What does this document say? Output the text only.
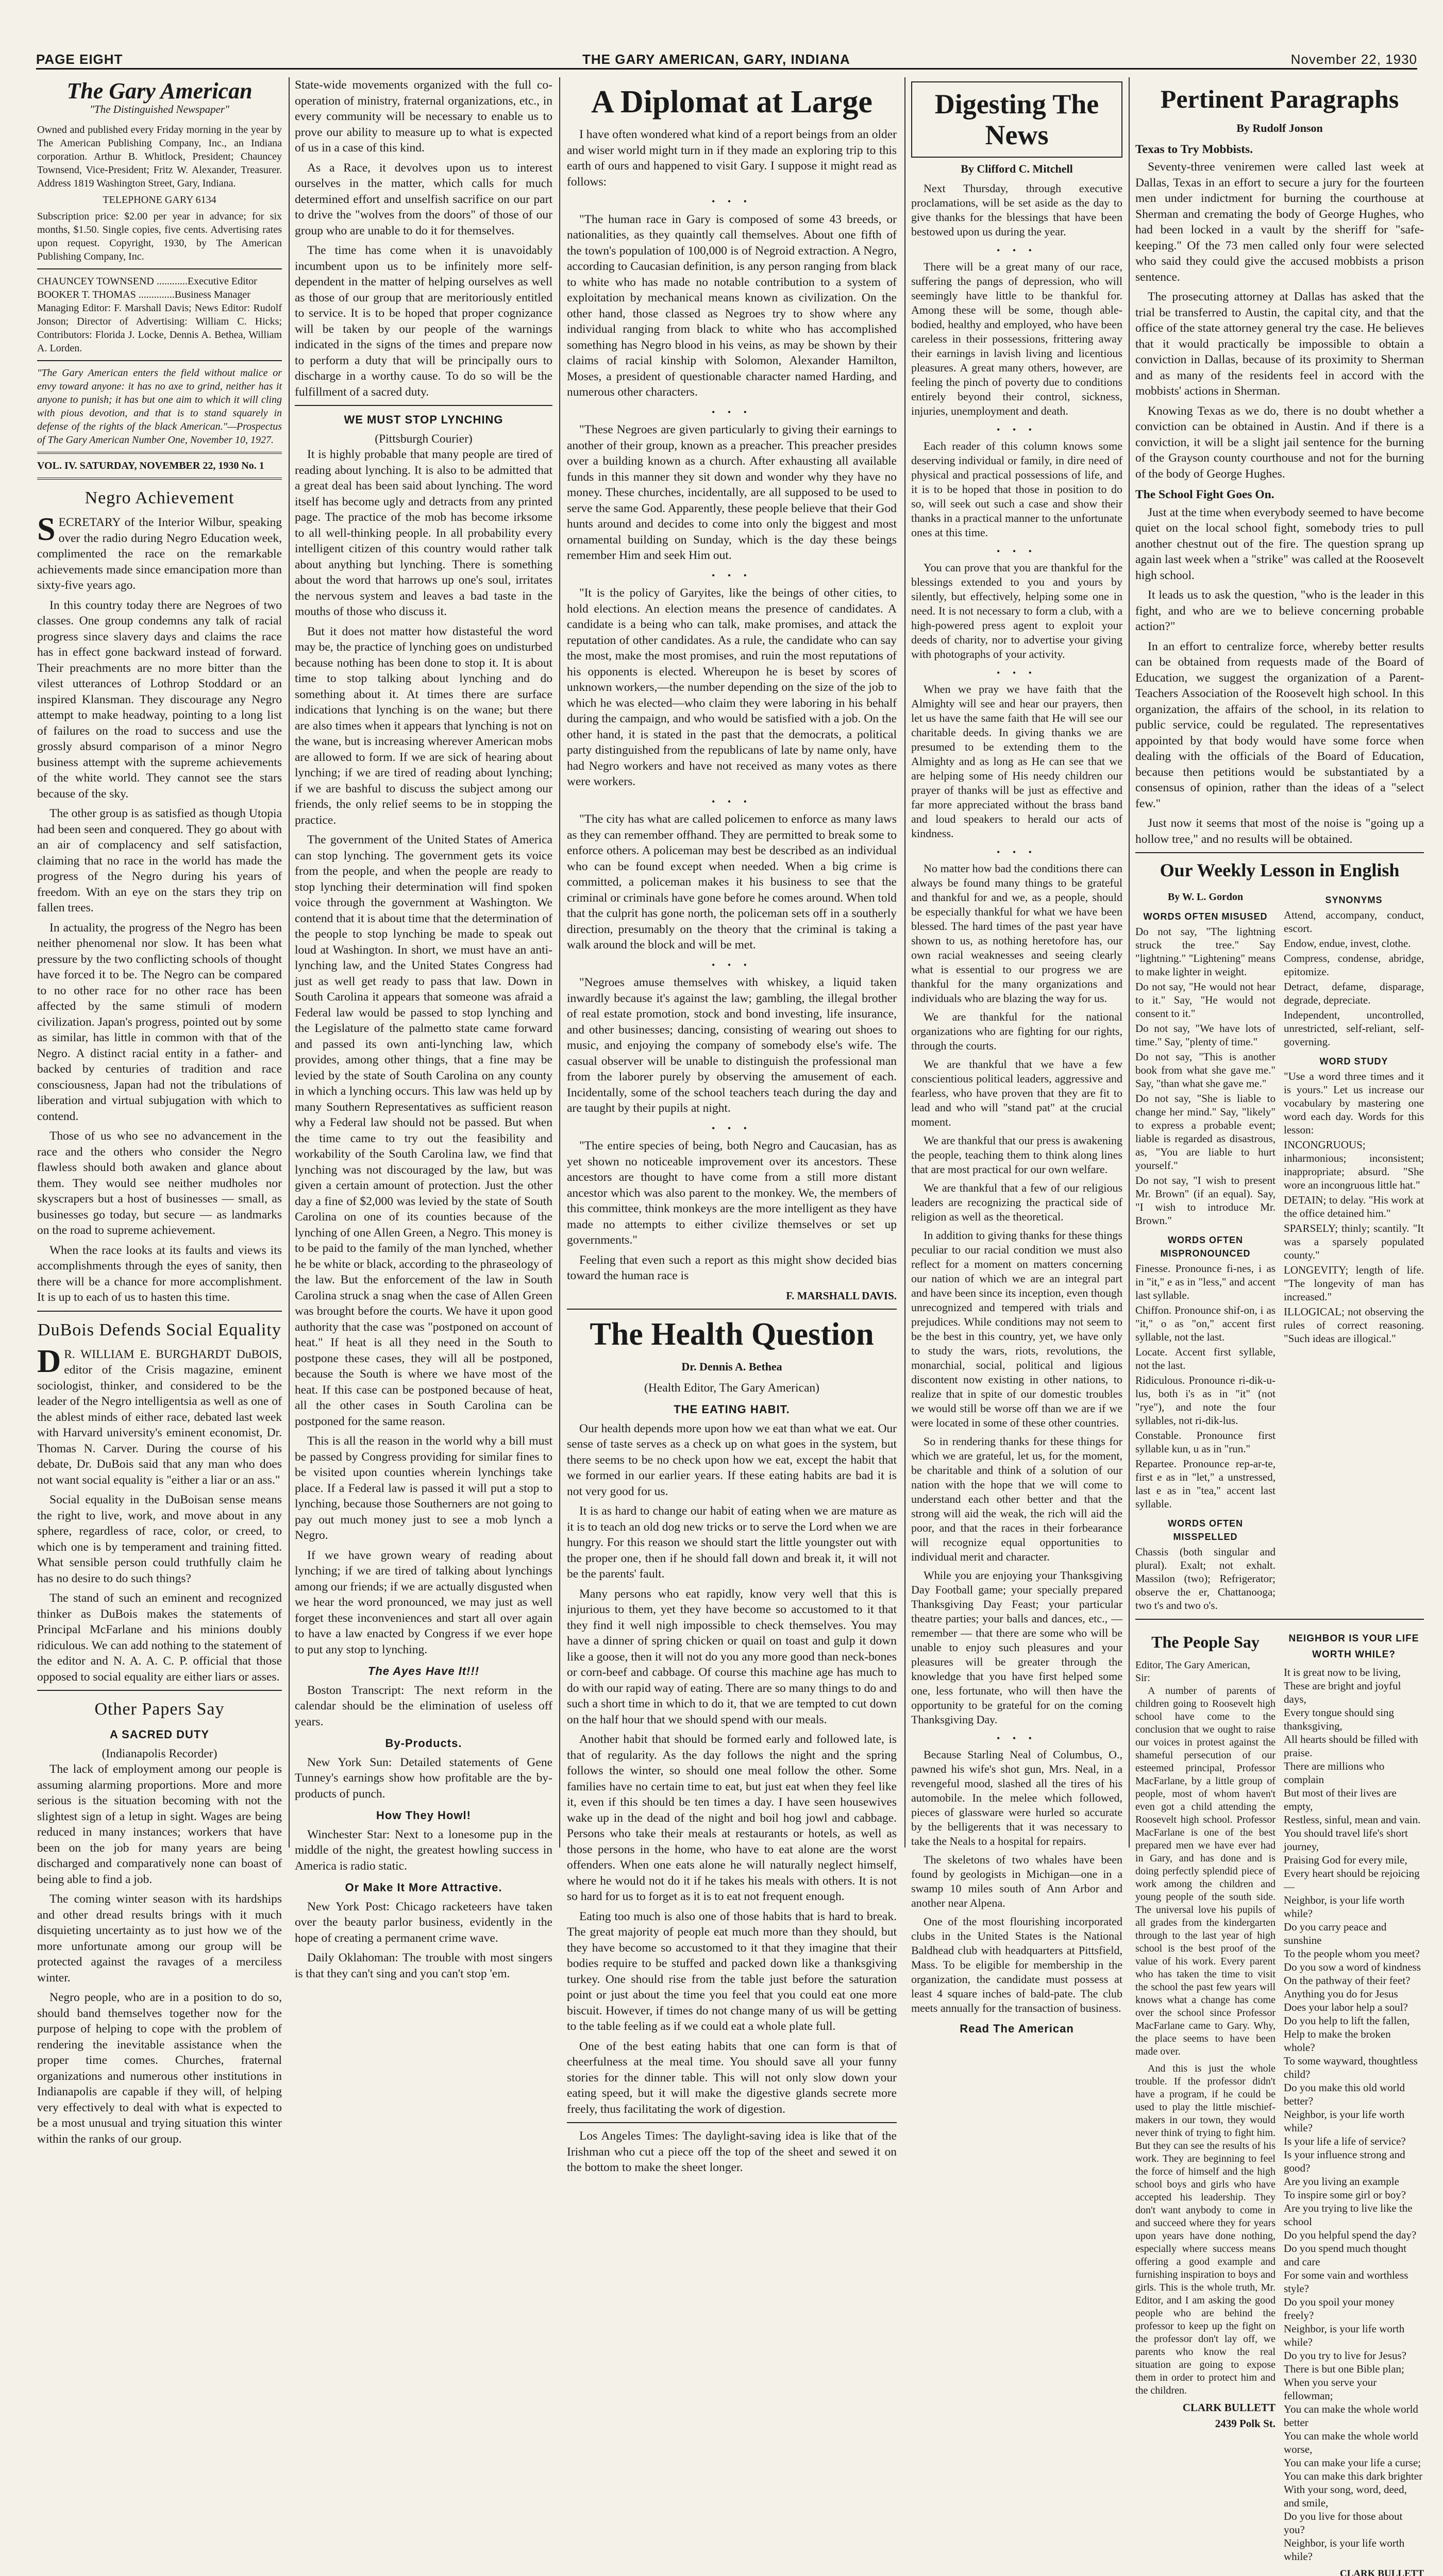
PAGE EIGHT	THE GARY AMERICAN, GARY, INDIANA	November 22, 1930
The Gary American
"The Distinguished Newspaper"
Owned and published every Friday morning in the year by The American Publishing Company, Inc., an Indiana corporation. Arthur B. Whitlock, President; Chauncey Townsend, Vice-President; Fritz W. Alexander, Treasurer. Address 1819 Washington Street, Gary, Indiana.
TELEPHONE GARY 6134
Subscription price: $2.00 per year in advance; for six months, $1.50. Single copies, five cents. Advertising rates upon request. Copyright, 1930, by The American Publishing Company, Inc.
CHAUNCEY TOWNSEND ............Executive Editor
BOOKER T. THOMAS ..............Business Manager
Managing Editor: F. Marshall Davis; News Editor: Rudolf Jonson; Director of Advertising: William C. Hicks; Contributors: Florida J. Locke, Dennis A. Bethea, William A. Lorden.
"The Gary American enters the field without malice or envy toward anyone: it has no axe to grind, neither has it anyone to punish; it has but one aim to which it will cling with pious devotion, and that is to stand squarely in defense of the rights of the black American."—Prospectus of The Gary American Number One, November 10, 1927.
VOL. IV. SATURDAY, NOVEMBER 22, 1930 No. 1
Negro Achievement

SECRETARY of the Interior Wilbur, speaking over the radio during Negro Education week, complimented the race on the remarkable achievements made since emancipation more than sixty-five years ago.

In this country today there are Negroes of two classes. One group condemns any talk of racial progress since slavery days and claims the race has in effect gone backward instead of forward. Their preachments are no more bitter than the vilest utterances of Lothrop Stoddard or an inspired Klansman. They discourage any Negro attempt to make headway, pointing to a long list of failures on the road to success and use the grossly absurd comparison of a minor Negro business attempt with the supreme achievements of the white world. They cannot see the stars because of the sky.

The other group is as satisfied as though Utopia had been seen and conquered. They go about with an air of complacency and self satisfaction, claiming that no race in the world has made the progress of the Negro during his years of freedom. With an eye on the stars they trip on fallen trees.

In actuality, the progress of the Negro has been neither phenomenal nor slow. It has been what pressure by the two conflicting schools of thought have forced it to be. The Negro can be compared to no other race for no other race has been affected by the same stimuli of modern civilization. Japan's progress, pointed out by some as similar, has little in common with that of the Negro. A distinct racial entity in a father- and backed by centuries of tradition and race consciousness, Japan had not the tribulations of liberation and virtual subjugation with which to contend.

Those of us who see no advancement in the race and the others who consider the Negro flawless should both awaken and glance about them. They would see neither mudholes nor skyscrapers but a host of businesses — small, as businesses go today, but secure — as landmarks on the road to supreme achievement.

When the race looks at its faults and views its accomplishments through the eyes of sanity, then there will be a chance for more accomplishment. It is up to each of us to hasten this time.

DuBois Defends Social Equality

DR. WILLIAM E. BURGHARDT DuBOIS, editor of the Crisis magazine, eminent sociologist, thinker, and considered to be the leader of the Negro intelligentsia as well as one of the ablest minds of either race, debated last week with Harvard university's eminent economist, Dr. Thomas N. Carver. During the course of his debate, Dr. DuBois said that any man who does not want social equality is "either a liar or an ass."

Social equality in the DuBoisan sense means the right to live, work, and move about in any sphere, regardless of race, color, or creed, to which one is by temperament and training fitted. What sensible person could truthfully claim he has no desire to do such things?

The stand of such an eminent and recognized thinker as DuBois makes the statements of Principal McFarlane and his minions doubly ridiculous. We can add nothing to the statement of the editor and N. A. A. C. P. official that those opposed to social equality are either liars or asses.

Other Papers Say
A SACRED DUTY
(Indianapolis Recorder)

The lack of employment among our people is assuming alarming proportions. More and more serious is the situation becoming with not the slightest sign of a letup in sight. Wages are being reduced in many instances; workers that have been on the job for many years are being discharged and comparatively none can boast of being able to find a job.

The coming winter season with its hardships and other dread results brings with it much disquieting uncertainty as to just how we of the more unfortunate among our group will be protected against the ravages of a merciless winter.

Negro people, who are in a position to do so, should band themselves together now for the purpose of helping to cope with the problem of rendering the inevitable assistance when the proper time comes. Churches, fraternal organizations and numerous other institutions in Indianapolis are capable if they will, of helping very effectively to deal with what is expected to be a most unusual and trying situation this winter within the ranks of our group.

State-wide movements organized with the full co-operation of ministry, fraternal organizations, etc., in every community will be necessary to enable us to prove our ability to measure up to what is expected of us in a case of this kind.

As a Race, it devolves upon us to interest ourselves in the matter, which calls for much determined effort and unselfish sacrifice on our part to drive the "wolves from the doors" of those of our group who are unable to do it for themselves.

The time has come when it is unavoidably incumbent upon us to be infinitely more self-dependent in the matter of helping ourselves as well as those of our group that are meritoriously entitled to service. It is to be hoped that proper cognizance will be taken by our people of the warnings indicated in the signs of the times and prepare now to perform a duty that will be principally ours to discharge in a worthy cause. To do so will be the fulfillment of a sacred duty.

WE MUST STOP LYNCHING
(Pittsburgh Courier)

It is highly probable that many people are tired of reading about lynching. It is also to be admitted that a great deal has been said about lynching. The word itself has become ugly and detracts from any printed page. The practice of the mob has become irksome to all well-thinking people. In all probability every intelligent citizen of this country would rather talk about anything but lynching. There is something about the word that harrows up one's soul, irritates the nervous system and leaves a bad taste in the mouths of those who discuss it.

But it does not matter how distasteful the word may be, the practice of lynching goes on undisturbed because nothing has been done to stop it. It is about time to stop talking about lynching and do something about it. At times there are surface indications that lynching is on the wane; but there are also times when it appears that lynching is not on the wane, but is increasing wherever American mobs are allowed to form. If we are sick of hearing about lynching; if we are tired of reading about lynching; if we are bashful to discuss the subject among our friends, the only relief seems to be in stopping the practice.

The government of the United States of America can stop lynching. The government gets its voice from the people, and when the people are ready to stop lynching their determination will find spoken voice through the government at Washington. We contend that it is about time that the determination of the people to stop lynching be made to speak out loud at Washington. In short, we must have an anti-lynching law, and the United States Congress had just as well get ready to pass that law. Down in South Carolina it appears that someone was afraid a Federal law would be passed to stop lynching and the Legislature of the palmetto state came forward and passed its own anti-lynching law, which provides, among other things, that a fine may be levied by the state of South Carolina on any county in which a lynching occurs. This law was held up by many Southern Representatives as sufficient reason why a Federal law should not be passed. But when the time came to try out the feasibility and workability of the South Carolina law, we find that lynching was not discouraged by the law, but was given a certain amount of protection. Just the other day a fine of $2,000 was levied by the state of South Carolina on one of its counties because of the lynching of one Allen Green, a Negro. This money is to be paid to the family of the man lynched, whether he be white or black, according to the phraseology of the law. But the enforcement of the law in South Carolina struck a snag when the case of Allen Green was brought before the courts. We have it upon good authority that the case was "postponed on account of heat." If heat is all they need in the South to postpone these cases, they will all be postponed, because the South is where we have most of the heat. If this case can be postponed because of heat, all the other cases in South Carolina can be postponed for the same reason.

This is all the reason in the world why a bill must be passed by Congress providing for similar fines to be visited upon counties wherein lynchings take place. If a Federal law is passed it will put a stop to lynching, because those Southerners are not going to pay out much money just to see a mob lynch a Negro.

If we have grown weary of reading about lynching; if we are tired of talking about lynchings among our friends; if we are actually disgusted when we hear the word pronounced, we may just as well forget these inconveniences and start all over again to have a law enacted by Congress if we ever hope to put any stop to lynching.

The Ayes Have It!!!

Boston Transcript: The next reform in the calendar should be the elimination of useless off years.

By-Products.

New York Sun: Detailed statements of Gene Tunney's earnings show how profitable are the by-products of punch.

How They Howl!

Winchester Star: Next to a lonesome pup in the middle of the night, the greatest howling success in America is radio static.

Or Make It More Attractive.

New York Post: Chicago racketeers have taken over the beauty parlor business, evidently in the hope of creating a permanent crime wave.

Daily Oklahoman: The trouble with most singers is that they can't sing and you can't stop 'em.

A Diplomat at Large

I have often wondered what kind of a report beings from an older and wiser world might turn in if they made an exploring trip to this earth of ours and happened to visit Gary. I suppose it might read as follows:

• • •

"The human race in Gary is composed of some 43 breeds, or nationalities, as they quaintly call themselves. About one fifth of the town's population of 100,000 is of Negroid extraction. A Negro, according to Caucasian definition, is any person ranging from black to white who has made no notable contribution to a system of exploitation by mechanical means known as civilization. On the other hand, those classed as Negroes try to show where any individual ranging from black to white who has accomplished something has Negro blood in his veins, as may be shown by their claims of racial kinship with Solomon, Alexander Hamilton, Moses, a president of questionable character named Harding, and numerous other characters.

• • •

"These Negroes are given particularly to giving their earnings to another of their group, known as a preacher. This preacher presides over a building known as a church. After exhausting all available funds in this manner they sit down and wonder why they have no money. These churches, incidentally, are all supposed to be used to serve the same God. Apparently, these people believe that their God hunts around and decides to come into only the biggest and most ornamental building on Sunday, which is the day these beings remember Him and seek Him out.

• • •

"It is the policy of Garyites, like the beings of other cities, to hold elections. An election means the presence of candidates. A candidate is a being who can talk, make promises, and attack the reputation of other candidates. As a rule, the candidate who can say the most, make the most promises, and ruin the most reputations of his opponents is elected. Whereupon he is beset by scores of unknown workers,—the number depending on the size of the job to which he was elected—who claim they were laboring in his behalf during the campaign, and who would be satisfied with a job. On the other hand, it is stated in the past that the democrats, a political party distinguished from the republicans of late by name only, have had Negro workers and have not received as many votes as there were workers.

• • •

"The city has what are called policemen to enforce as many laws as they can remember offhand. They are permitted to break some to enforce others. A policeman may best be described as an individual who can be found except when needed. When a big crime is committed, a policeman makes it his business to see that the criminal or criminals have gone before he comes around. When told that the culprit has gone north, the policeman sets off in a southerly direction, presumably on the theory that the criminal is taking a walk around the block and will be met.

• • •

"Negroes amuse themselves with whiskey, a liquid taken inwardly because it's against the law; gambling, the illegal brother of real estate promotion, stock and bond investing, life insurance, and other businesses; dancing, consisting of wearing out shoes to music, and enjoying the company of somebody else's wife. The casual observer will be unable to distinguish the professional man from the laborer purely by observing the amusement of each. Incidentally, some of the school teachers teach during the day and are taught by their pupils at night.

• • •

"The entire species of being, both Negro and Caucasian, has as yet shown no noticeable improvement over its ancestors. These ancestors are thought to have come from a still more distant ancestor which was also parent to the monkey. We, the members of this committee, think monkeys are the more intelligent as they have made no attempts to either civilize themselves or set up governments."

Feeling that even such a report as this might show decided bias toward the human race is

F. MARSHALL DAVIS.
The Health Question
Dr. Dennis A. Bethea
(Health Editor, The Gary American)
THE EATING HABIT.

Our health depends more upon how we eat than what we eat. Our sense of taste serves as a check up on what goes in the system, but there seems to be no check upon how we eat, except the habit that we formed in our earlier years. If these eating habits are bad it is not very good for us.

It is as hard to change our habit of eating when we are mature as it is to teach an old dog new tricks or to serve the Lord when we are hungry. For this reason we should start the little youngster out with the proper one, then if he should fall down and break it, it will not be the parents' fault.

Many persons who eat rapidly, know very well that this is injurious to them, yet they have become so accustomed to it that they find it well nigh impossible to check themselves. You may have a dinner of spring chicken or quail on toast and gulp it down like a goose, then it will not do you any more good than neck-bones or corn-beef and cabbage. Of course this machine age has much to do with our rapid way of eating. There are so many things to do and such a short time in which to do it, that we are tempted to cut down on the half hour that we should spend with our meals.

Another habit that should be formed early and followed late, is that of regularity. As the day follows the night and the spring follows the winter, so should one meal follow the other. Some families have no certain time to eat, but just eat when they feel like it, even if this should be ten times a day. I have seen housewives wake up in the dead of the night and boil hog jowl and cabbage. Persons who take their meals at restaurants or hotels, as well as those persons in the home, who have to eat alone are the worst offenders. When one eats alone he will naturally neglect himself, where he would not do it if he takes his meals with others. It is not so hard for us to forget as it is to eat not frequent enough.

Eating too much is also one of those habits that is hard to break. The great majority of people eat much more than they should, but they have become so accustomed to it that they imagine that their bodies require to be stuffed and packed down like a thanksgiving turkey. One should rise from the table just before the saturation point or just about the time you feel that you could eat one more biscuit. However, if times do not change many of us will be getting to the table feeling as if we could eat a whole plate full.

One of the best eating habits that one can form is that of cheerfulness at the meal time. You should save all your funny stories for the dinner table. This will not only slow down your eating speed, but it will make the digestive glands secrete more freely, thus facilitating the work of digestion.

Los Angeles Times: The daylight-saving idea is like that of the Irishman who cut a piece off the top of the sheet and sewed it on the bottom to make the sheet longer.

Digesting The News
By Clifford C. Mitchell

Next Thursday, through executive proclamations, will be set aside as the day to give thanks for the blessings that have been bestowed upon us during the year.

• • •

There will be a great many of our race, suffering the pangs of depression, who will seemingly have little to be thankful for. Among these will be some, though able-bodied, healthy and employed, who have been careless in their possessions, frittering away their earnings in lavish living and licentious pleasures. A great many others, however, are feeling the pinch of poverty due to conditions entirely beyond their control, sickness, injuries, unemployment and death.

• • •

Each reader of this column knows some deserving individual or family, in dire need of physical and practical possessions of life, and it is to be hoped that those in position to do so, will seek out such a case and show their thanks in a practical manner to the unfortunate ones at this time.

• • •

You can prove that you are thankful for the blessings extended to you and yours by silently, but effectively, helping some one in need. It is not necessary to form a club, with a high-powered press agent to exploit your deeds of charity, nor to advertise your giving with photographs of your activity.

• • •

When we pray we have faith that the Almighty will see and hear our prayers, then let us have the same faith that He will see our charitable deeds. In giving thanks we are presumed to be extending them to the Almighty and as long as He can see that we are helping some of His needy children our prayer of thanks will be just as effective and far more appreciated without the brass band and loud speakers to herald our acts of kindness.

• • •

No matter how bad the conditions there can always be found many things to be grateful and thankful for and we, as a people, should be especially thankful for what we have been blessed. The hard times of the past year have shown to us, as nothing heretofore has, our own racial weaknesses and seeing clearly what is essential to our progress we are thankful for the many organizations and individuals who are blazing the way for us.

We are thankful for the national organizations who are fighting for our rights, through the courts.

We are thankful that we have a few conscientious political leaders, aggressive and fearless, who have proven that they are fit to lead and who will "stand pat" at the crucial moment.

We are thankful that our press is awakening the people, teaching them to think along lines that are most practical for our own welfare.

We are thankful that a few of our religious leaders are recognizing the practical side of religion as well as the theoretical.

In addition to giving thanks for these things peculiar to our racial condition we must also reflect for a moment on matters concerning our nation of which we are an integral part and have been since its inception, even though unrecognized and tempered with trials and prejudices. While conditions may not seem to be the best in this country, yet, we have only to study the wars, riots, revolutions, the monarchial, social, political and ligious discontent now existing in other nations, to realize that in spite of our domestic troubles we would still be worse off than we are if we were located in some of these other countries.

So in rendering thanks for these things for which we are grateful, let us, for the moment, be charitable and think of a solution of our nation with the hope that we will come to understand each other better and that the strong will aid the weak, the rich will aid the poor, and that the races in their forbearance will recognize equal opportunities to individual merit and character.

While you are enjoying your Thanksgiving Day Football game; your specially prepared Thanksgiving Day Feast; your particular theatre parties; your balls and dances, etc., — remember — that there are some who will be unable to enjoy such pleasures and your pleasures will be greater through the knowledge that you have first helped some one, less fortunate, who will then have the opportunity to be grateful for on the coming Thanksgiving Day.

• • •

Because Starling Neal of Columbus, O., pawned his wife's shot gun, Mrs. Neal, in a revengeful mood, slashed all the tires of his automobile. In the melee which followed, pieces of glassware were hurled so accurate by the belligerents that it was necessary to take the Neals to a hospital for repairs.

The skeletons of two whales have been found by geologists in Michigan—one in a swamp 10 miles south of Ann Arbor and another near Alpena.

One of the most flourishing incorporated clubs in the United States is the National Baldhead club with headquarters at Pittsfield, Mass. To be eligible for membership in the organization, the candidate must possess at least 4 square inches of bald-pate. The club meets annually for the transaction of business.

Read The American
Pertinent Paragraphs
By Rudolf Jonson
Texas to Try Mobbists.

Seventy-three veniremen were called last week at Dallas, Texas in an effort to secure a jury for the fourteen men under indictment for burning the courthouse at Sherman and cremating the body of George Hughes, who had been locked in a vault by the sheriff for "safe-keeping." Of the 73 men called only four were selected who said they could give the accused mobbists a prison sentence.

The prosecuting attorney at Dallas has asked that the trial be transferred to Austin, the capital city, and that the office of the state attorney general try the case. He believes that it would practically be impossible to obtain a conviction in Dallas, because of its proximity to Sherman and as many of the residents feel in accord with the mobbists' actions in Sherman.

Knowing Texas as we do, there is no doubt whether a conviction can be obtained in Austin. And if there is a conviction, it will be a slight jail sentence for the burning of the Grayson county courthouse and not for the burning of the body of George Hughes.

The School Fight Goes On.

Just at the time when everybody seemed to have become quiet on the local school fight, somebody tries to pull another chestnut out of the fire. The question sprang up again last week when a "strike" was called at the Roosevelt high school.

It leads us to ask the question, "who is the leader in this fight, and who are we to believe concerning probable action?"

In an effort to centralize force, whereby better results can be obtained from requests made of the Board of Education, we suggest the organization of a Parent-Teachers Association of the Roosevelt high school. In this organization, the affairs of the school, in its relation to public service, could be regulated. The representatives appointed by that body would have some force when dealing with the officials of the Board of Education, because then petitions would be substantiated by a consensus of opinion, rather than the ideas of a "select few."

Just now it seems that most of the noise is "going up a hollow tree," and no results will be obtained.

Our Weekly Lesson in English
By W. L. Gordon
WORDS OFTEN MISUSED
Do not say, "The lightning struck the tree." Say "lightning." "Lightening" means to make lighter in weight.
Do not say, "He would not hear to it." Say, "He would not consent to it."
Do not say, "We have lots of time." Say, "plenty of time."
Do not say, "This is another book from what she gave me." Say, "than what she gave me."
Do not say, "She is liable to change her mind." Say, "likely" to express a probable event; liable is regarded as disastrous, as, "You are liable to hurt yourself."
Do not say, "I wish to present Mr. Brown" (if an equal). Say, "I wish to introduce Mr. Brown."
WORDS OFTEN MISPRONOUNCED
Finesse. Pronounce fi-nes, i as in "it," e as in "less," and accent last syllable.
Chiffon. Pronounce shif-on, i as "it," o as "on," accent first syllable, not the last.
Locate. Accent first syllable, not the last.
Ridiculous. Pronounce ri-dik-u-lus, both i's as in "it" (not "rye"), and note the four syllables, not ri-dik-lus.
Constable. Pronounce first syllable kun, u as in "run."
Repartee. Pronounce rep-ar-te, first e as in "let," a unstressed, last e as in "tea," accent last syllable.
WORDS OFTEN MISSPELLED
Chassis (both singular and plural). Exalt; not exhalt. Massilon (two); Refrigerator; observe the er, Chattanooga; two t's and two o's.
SYNONYMS
Attend, accompany, conduct, escort.
Endow, endue, invest, clothe.
Compress, condense, abridge, epitomize.
Detract, defame, disparage, degrade, depreciate.
Independent, uncontrolled, unrestricted, self-reliant, self-governing.
WORD STUDY
"Use a word three times and it is yours." Let us increase our vocabulary by mastering one word each day. Words for this lesson:
INCONGRUOUS; inharmonious; inconsistent; inappropriate; absurd. "She wore an incongruous little hat."
DETAIN; to delay. "His work at the office detained him."
SPARSELY; thinly; scantily. "It was a sparsely populated county."
LONGEVITY; length of life. "The longevity of man has increased."
ILLOGICAL; not observing the rules of correct reasoning. "Such ideas are illogical."
The People Say
Editor, The Gary American,
Sir:

A number of parents of children going to Roosevelt high school have come to the conclusion that we ought to raise our voices in protest against the shameful persecution of our esteemed principal, Professor MacFarlane, by a little group of people, most of whom haven't even got a child attending the Roosevelt high school. Professor MacFarlane is one of the best prepared men we have ever had in Gary, and has done and is doing perfectly splendid piece of work among the children and young people of the south side. The universal love his pupils of all grades from the kindergarten through to the last year of high school is the best proof of the value of his work. Every parent who has taken the time to visit the school the past few years will knows what a change has come over the school since Professor MacFarlane came to Gary. Why, the place seems to have been made over.

And this is just the whole trouble. If the professor didn't have a program, if he could be used to play the little mischief-makers in our town, they would never think of trying to fight him. But they can see the results of his work. They are beginning to feel the force of himself and the high school boys and girls who have accepted his leadership. They don't want anybody to come in and succeed where they for years upon years have done nothing, especially where success means offering a good example and furnishing inspiration to boys and girls. This is the whole truth, Mr. Editor, and I am asking the good people who are behind the professor to keep up the fight on the professor don't lay off, we parents who know the real situation are going to expose them in order to protect him and the children.

CLARK BULLETT
2439 Polk St.
NEIGHBOR IS YOUR LIFE WORTH WHILE?
It is great now to be living,
These are bright and joyful days,
Every tongue should sing thanksgiving,
All hearts should be filled with praise.
There are millions who complain
But most of their lives are empty,
Restless, sinful, mean and vain.
You should travel life's short journey,
Praising God for every mile,
Every heart should be rejoicing—
Neighbor, is your life worth while?
Do you carry peace and sunshine
To the people whom you meet?
Do you sow a word of kindness
On the pathway of their feet?
Anything you do for Jesus
Does your labor help a soul?
Do you help to lift the fallen,
Help to make the broken whole?
To some wayward, thoughtless child?
Do you make this old world better?
Neighbor, is your life worth while?
Is your life a life of service?
Is your influence strong and good?
Are you living an example
To inspire some girl or boy?
Are you trying to live like the school
Do you helpful spend the day?
Do you spend much thought and care
For some vain and worthless style?
Do you spoil your money freely?
Neighbor, is your life worth while?
Do you try to live for Jesus?
There is but one Bible plan;
When you serve your fellowman;
You can make the whole world better
You can make the whole world worse,
You can make your life a curse;
You can make this dark brighter
With your song, word, deed, and smile,
Do you live for those about you?
Neighbor, is your life worth while?
CLARK BULLETT
